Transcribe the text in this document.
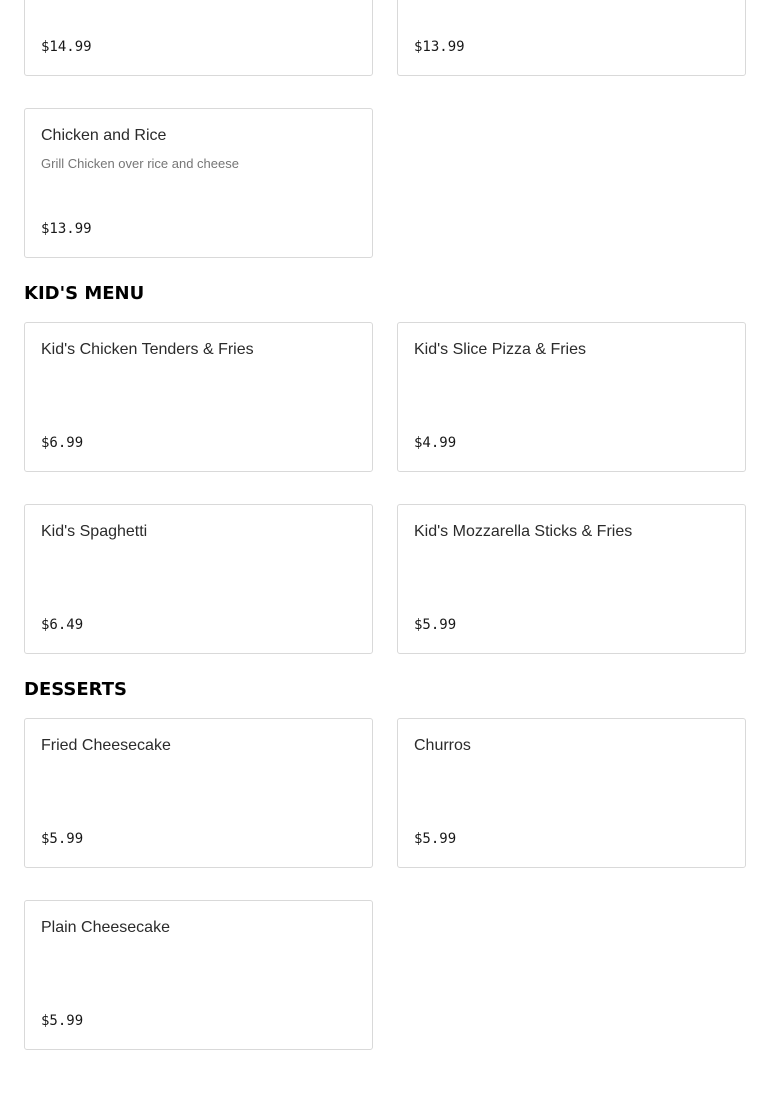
$14.99	$13.99
Chicken and Rice
Grill Chicken over rice and cheese
$13.99
KID'S MENU
Kid's Chicken Tenders & Fries
$6.99
Kid's Slice Pizza & Fries
$4.99
Kid's Spaghetti
$6.49
Kid's Mozzarella Sticks & Fries
$5.99
DESSERTS
Fried Cheesecake
$5.99
Churros
$5.99
Plain Cheesecake
$5.99
